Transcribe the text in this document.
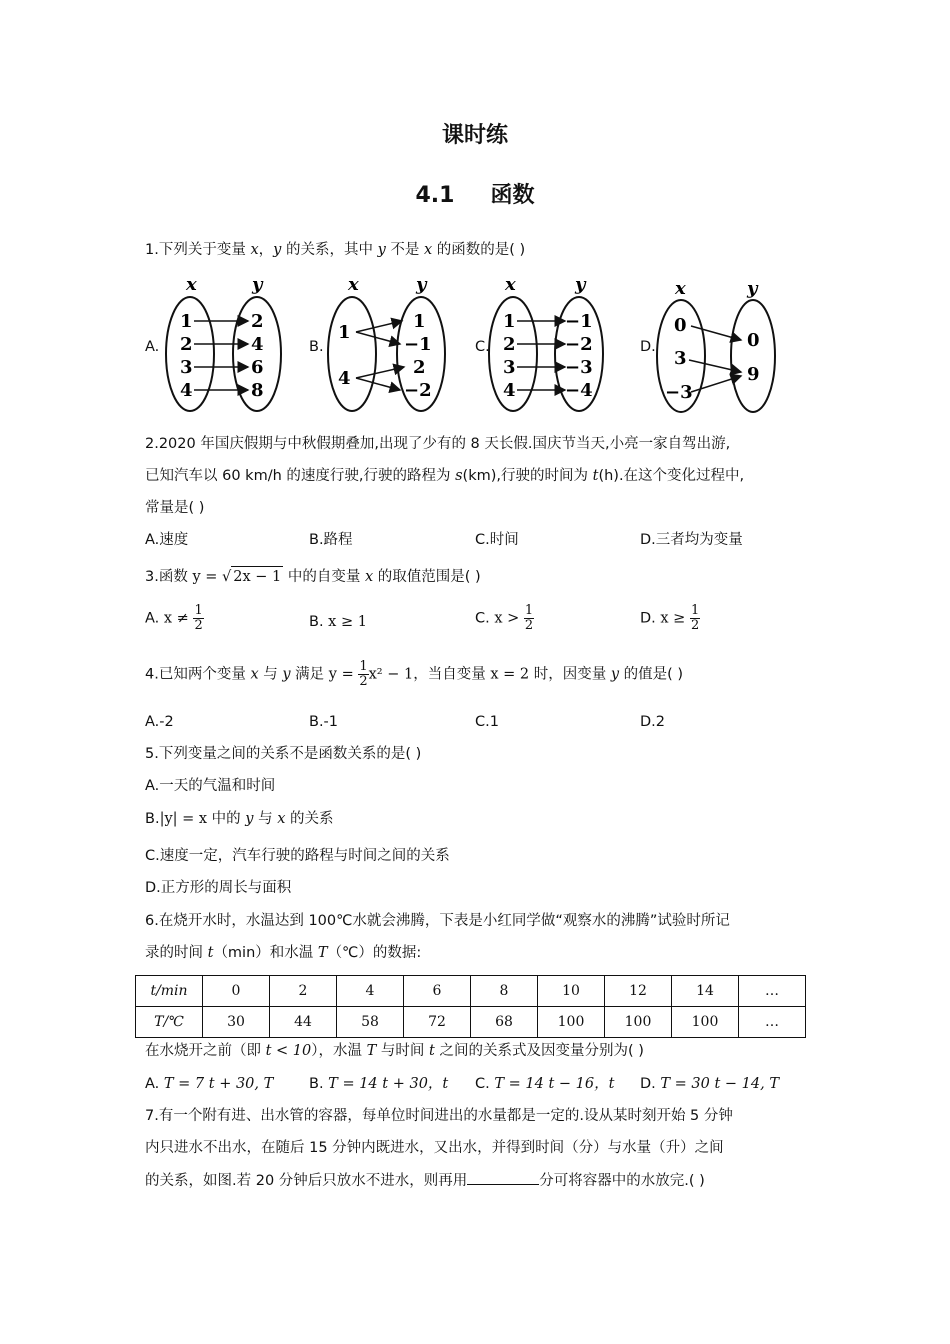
课时练
4.1 函数
1.下列关于变量 x，y 的关系，其中 y 不是 x 的函数的是( )
A.
x	y
1
2
3
4
2
4
6
8
B.
x	y
1
4
1
−1
2
−2
C.
x	y
1
2
3
4
−1
−2
−3
−4
D.
x	y
0
3
−3
0
9
2.2020 年国庆假期与中秋假期叠加,出现了少有的 8 天长假.国庆节当天,小亮一家自驾出游,
已知汽车以 60 km/h 的速度行驶,行驶的路程为 s(km),行驶的时间为 t(h).在这个变化过程中,
常量是( )
A.速度	B.路程	C.时间	D.三者均为变量
3.函数 y = √ 2x − 1 中的自变量 x 的取值范围是( )
A. $x \ne \frac{1}{2}$	B. x ≥ 1	C. $x > \frac{1}{2}$	D. $x \ge \frac{1}{2}$
4.已知两个变量 x 与 y 满足 $y = \frac{1}{2} x^2 - 1$，当自变量 x = 2 时，因变量 y 的值是( )
A.-2	B.-1	C.1	D.2
5.下列变量之间的关系不是函数关系的是( )
A.一天的气温和时间
B.|y| = x 中的 y 与 x 的关系
C.速度一定，汽车行驶的路程与时间之间的关系
D.正方形的周长与面积
6.在烧开水时，水温达到 100℃水就会沸腾，下表是小红同学做“观察水的沸腾”试验时所记
录的时间 t（min）和水温 T（℃）的数据:
t/min	0	2	4	6	8	10	12	14	…
T/℃	30	44	58	72	68	100	100	100	…
在水烧开之前（即 t < 10），水温 T 与时间 t 之间的关系式及因变量分别为( )
A. T = 7 t + 30, T B. T = 14 t + 30，t C. T = 14 t − 16，t D. T = 30 t − 14, T
7.有一个附有进、出水管的容器，每单位时间进出的水量都是一定的.设从某时刻开始 5 分钟
内只进水不出水，在随后 15 分钟内既进水，又出水，并得到时间（分）与水量（升）之间
的关系，如图.若 20 分钟后只放水不进水，则再用	分可将容器中的水放完.( )
